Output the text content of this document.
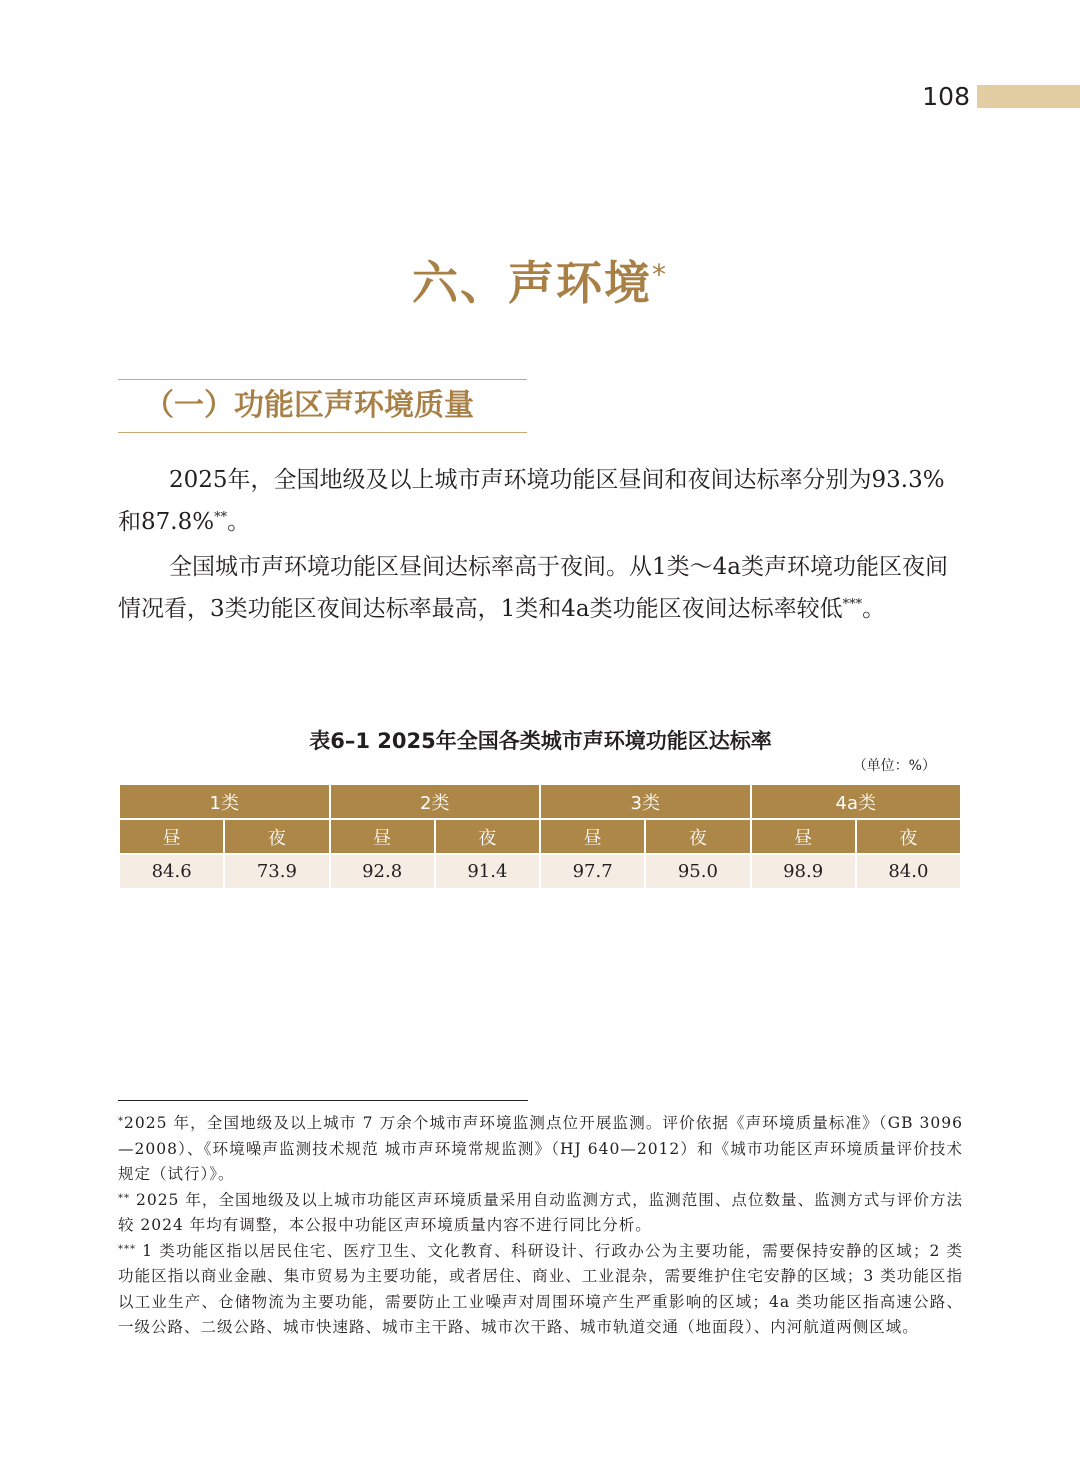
108
六、声环境*
（一）功能区声环境质量

2025年，全国地级及以上城市声环境功能区昼间和夜间达标率分别为93.3%和87.8%**。

全国城市声环境功能区昼间达标率高于夜间。从1类～4a类声环境功能区夜间情况看，3类功能区夜间达标率最高，1类和4a类功能区夜间达标率较低***。

表6–1 2025年全国各类城市声环境功能区达标率
（单位：%）
1类		2类		3类		4a类	
昼	夜	昼	夜	昼	夜	昼	夜
84.6	73.9	92.8	91.4	97.7	95.0	98.9	84.0

*2025 年，全国地级及以上城市 7 万余个城市声环境监测点位开展监测。评价依据《声环境质量标准》（GB 3096—2008）、《环境噪声监测技术规范 城市声环境常规监测》（HJ 640—2012）和《城市功能区声环境质量评价技术规定（试行）》。

** 2025 年，全国地级及以上城市功能区声环境质量采用自动监测方式，监测范围、点位数量、监测方式与评价方法较 2024 年均有调整，本公报中功能区声环境质量内容不进行同比分析。

*** 1 类功能区指以居民住宅、医疗卫生、文化教育、科研设计、行政办公为主要功能，需要保持安静的区域；2 类功能区指以商业金融、集市贸易为主要功能，或者居住、商业、工业混杂，需要维护住宅安静的区域；3 类功能区指以工业生产、仓储物流为主要功能，需要防止工业噪声对周围环境产生严重影响的区域；4a 类功能区指高速公路、一级公路、二级公路、城市快速路、城市主干路、城市次干路、城市轨道交通（地面段）、内河航道两侧区域。
